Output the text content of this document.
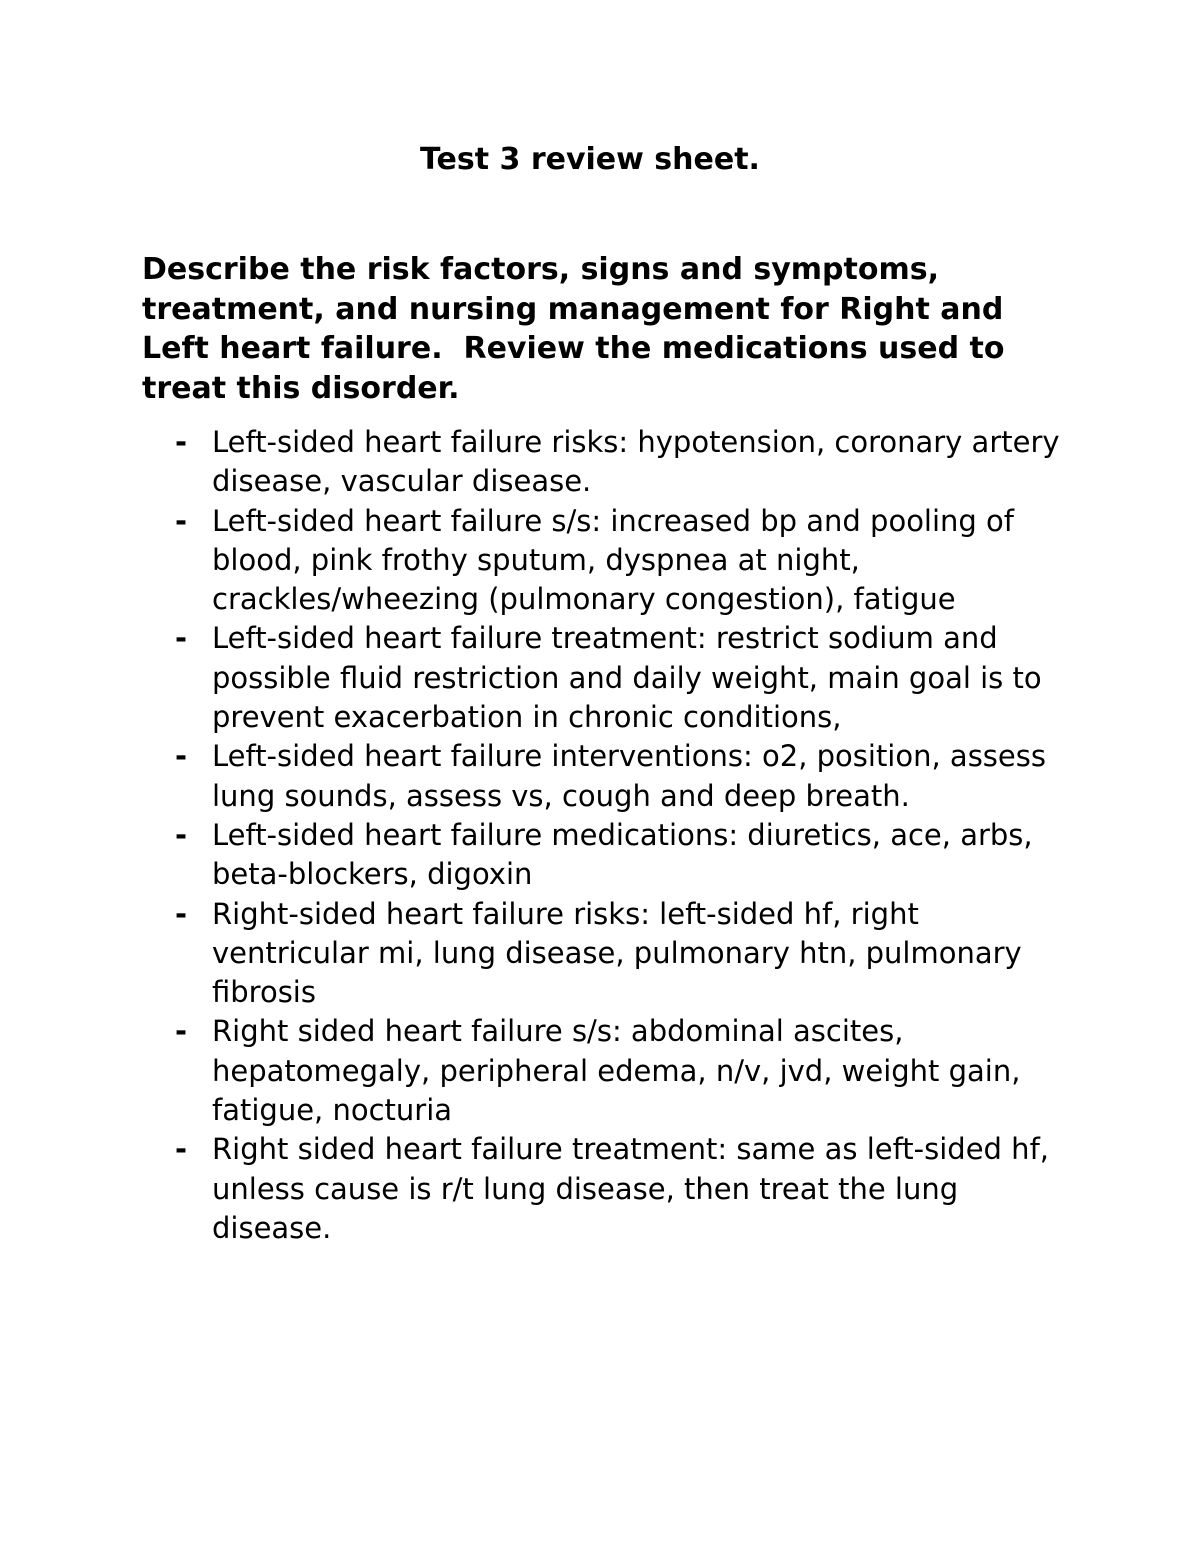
Test 3 review sheet.

Describe the risk factors, signs and symptoms, treatment, and nursing management for Right and Left heart failure.  Review the medications used to treat this disorder.

- Left-sided heart failure risks: hypotension, coronary artery disease, vascular disease.
- Left-sided heart failure s/s: increased bp and pooling of blood, pink frothy sputum, dyspnea at night, crackles/wheezing (pulmonary congestion), fatigue
- Left-sided heart failure treatment: restrict sodium and possible fluid restriction and daily weight, main goal is to prevent exacerbation in chronic conditions,
- Left-sided heart failure interventions: o2, position, assess lung sounds, assess vs, cough and deep breath.
- Left-sided heart failure medications: diuretics, ace, arbs, beta-blockers, digoxin
- Right-sided heart failure risks: left-sided hf, right ventricular mi, lung disease, pulmonary htn, pulmonary fibrosis
- Right sided heart failure s/s: abdominal ascites, hepatomegaly, peripheral edema, n/v, jvd, weight gain, fatigue, nocturia
- Right sided heart failure treatment: same as left-sided hf, unless cause is r/t lung disease, then treat the lung disease.
